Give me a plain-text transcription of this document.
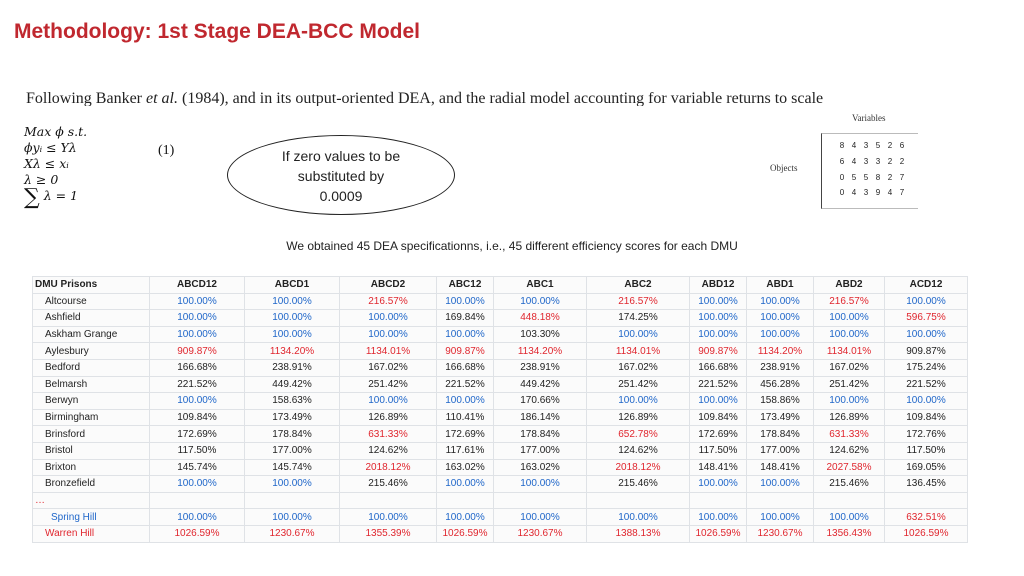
Methodology: 1st Stage DEA-BCC Model
Following Banker et al. (1984), and in its output-oriented DEA, and the radial model accounting for variable returns to scale
Max ϕ s.t.
ϕyᵢ ≤ Yλ
Xλ ≤ xᵢ
λ ≥ 0
∑ λ = 1
(1)	If zero values to be
substituted by
0.0009
Variables
Objects
8 4 3 5 2 6
6 4 3 3 2 2
0 5 5 8 2 7
0 4 3 9 4 7
We obtained 45 DEA specificationns, i.e., 45 different efficiency scores for each DMU
DMU Prisons	ABCD12	ABCD1	ABCD2	ABC12	ABC1	ABC2	ABD12	ABD1	ABD2	ACD12
Altcourse	100.00%	100.00%	216.57%	100.00%	100.00%	216.57%	100.00%	100.00%	216.57%	100.00%
Ashfield	100.00%	100.00%	100.00%	169.84%	448.18%	174.25%	100.00%	100.00%	100.00%	596.75%
Askham Grange	100.00%	100.00%	100.00%	100.00%	103.30%	100.00%	100.00%	100.00%	100.00%	100.00%
Aylesbury	909.87%	1134.20%	1134.01%	909.87%	1134.20%	1134.01%	909.87%	1134.20%	1134.01%	909.87%
Bedford	166.68%	238.91%	167.02%	166.68%	238.91%	167.02%	166.68%	238.91%	167.02%	175.24%
Belmarsh	221.52%	449.42%	251.42%	221.52%	449.42%	251.42%	221.52%	456.28%	251.42%	221.52%
Berwyn	100.00%	158.63%	100.00%	100.00%	170.66%	100.00%	100.00%	158.86%	100.00%	100.00%
Birmingham	109.84%	173.49%	126.89%	110.41%	186.14%	126.89%	109.84%	173.49%	126.89%	109.84%
Brinsford	172.69%	178.84%	631.33%	172.69%	178.84%	652.78%	172.69%	178.84%	631.33%	172.76%
Bristol	117.50%	177.00%	124.62%	117.61%	177.00%	124.62%	117.50%	177.00%	124.62%	117.50%
Brixton	145.74%	145.74%	2018.12%	163.02%	163.02%	2018.12%	148.41%	148.41%	2027.58%	169.05%
Bronzefield	100.00%	100.00%	215.46%	100.00%	100.00%	215.46%	100.00%	100.00%	215.46%	136.45%
…										
Spring Hill	100.00%	100.00%	100.00%	100.00%	100.00%	100.00%	100.00%	100.00%	100.00%	632.51%
Warren Hill	1026.59%	1230.67%	1355.39%	1026.59%	1230.67%	1388.13%	1026.59%	1230.67%	1356.43%	1026.59%
